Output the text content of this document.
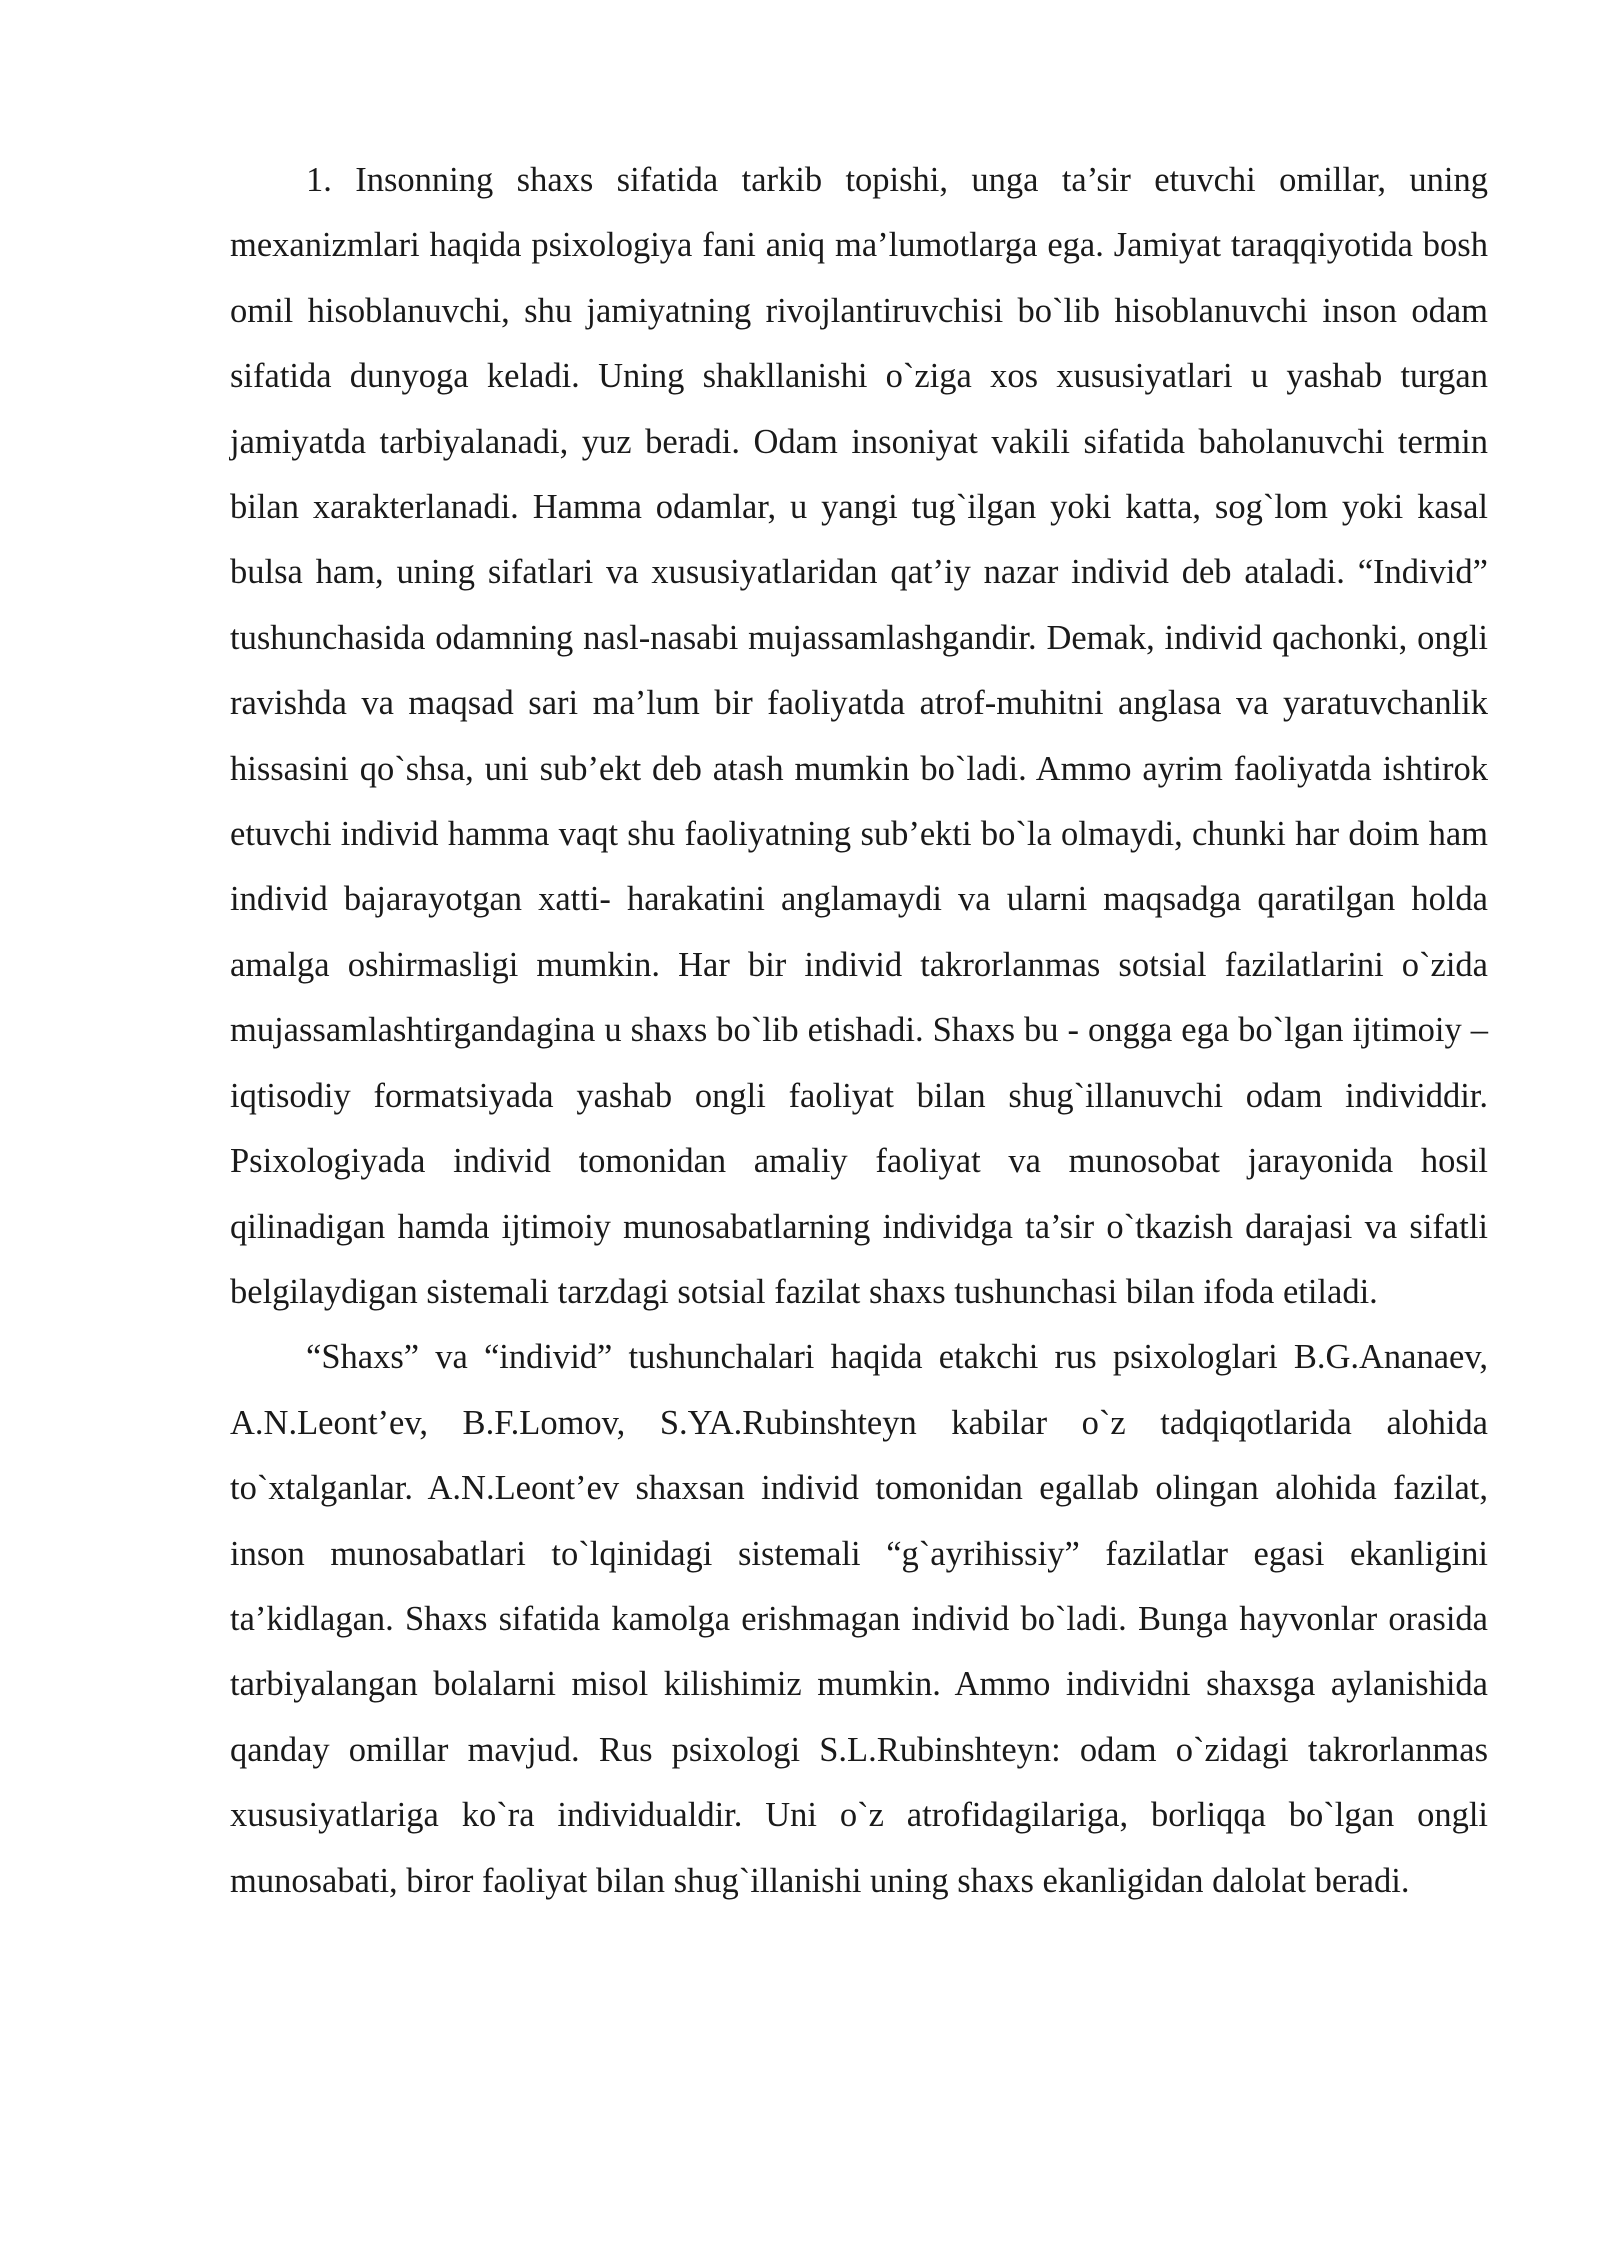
1. Insonning shaxs sifatida tarkib topishi, unga ta’sir etuvchi omillar, uning mexanizmlari haqida psixologiya fani aniq ma’lumotlarga ega. Jamiyat taraqqiyotida bosh omil hisoblanuvchi, shu jamiyatning rivojlantiruvchisi bo`lib hisoblanuvchi inson odam sifatida dunyoga keladi. Uning shakllanishi o`ziga xos xususiyatlari u yashab turgan jamiyatda tarbiyalanadi, yuz beradi. Odam insoniyat vakili sifatida baholanuvchi termin bilan xarakterlanadi. Hamma odamlar, u yangi tug`ilgan yoki katta, sog`lom yoki kasal bulsa ham, uning sifatlari va xususiyatlaridan qat’iy nazar individ deb ataladi. “Individ” tushunchasida odamning nasl-nasabi mujassamlashgandir. Demak, individ qachonki, ongli ravishda va maqsad sari ma’lum bir faoliyatda atrof-muhitni anglasa va yaratuvchanlik hissasini qo`shsa, uni sub’ekt deb atash mumkin bo`ladi. Ammo ayrim faoliyatda ishtirok etuvchi individ hamma vaqt shu faoliyatning sub’ekti bo`la olmaydi, chunki har doim ham individ bajarayotgan xatti- harakatini anglamaydi va ularni maqsadga qaratilgan holda amalga oshirmasligi mumkin. Har bir individ takrorlanmas sotsial fazilatlarini o`zida mujassamlashtirgandagina u shaxs bo`lib etishadi. Shaxs bu - ongga ega bo`lgan ijtimoiy – iqtisodiy formatsiyada yashab ongli faoliyat bilan shug`illanuvchi odam individdir. Psixologiyada individ tomonidan amaliy faoliyat va munosobat jarayonida hosil qilinadigan hamda ijtimoiy munosabatlarning individga ta’sir o`tkazish darajasi va sifatli belgilaydigan sistemali tarzdagi sotsial fazilat shaxs tushunchasi bilan ifoda etiladi.

“Shaxs” va “individ” tushunchalari haqida etakchi rus psixologlari B.G.Ananaev, A.N.Leont’ev, B.F.Lomov, S.YA.Rubinshteyn kabilar o`z tadqiqotlarida alohida to`xtalganlar. A.N.Leont’ev shaxsan individ tomonidan egallab olingan alohida fazilat, inson munosabatlari to`lqinidagi sistemali “g`ayrihissiy” fazilatlar egasi ekanligini ta’kidlagan. Shaxs sifatida kamolga erishmagan individ bo`ladi. Bunga hayvonlar orasida tarbiyalangan bolalarni misol kilishimiz mumkin. Ammo individni shaxsga aylanishida qanday omillar mavjud. Rus psixologi S.L.Rubinshteyn: odam o`zidagi takrorlanmas xususiyatlariga ko`ra individualdir. Uni o`z atrofidagilariga, borliqqa bo`lgan ongli munosabati, biror faoliyat bilan shug`illanishi uning shaxs ekanligidan dalolat beradi.
